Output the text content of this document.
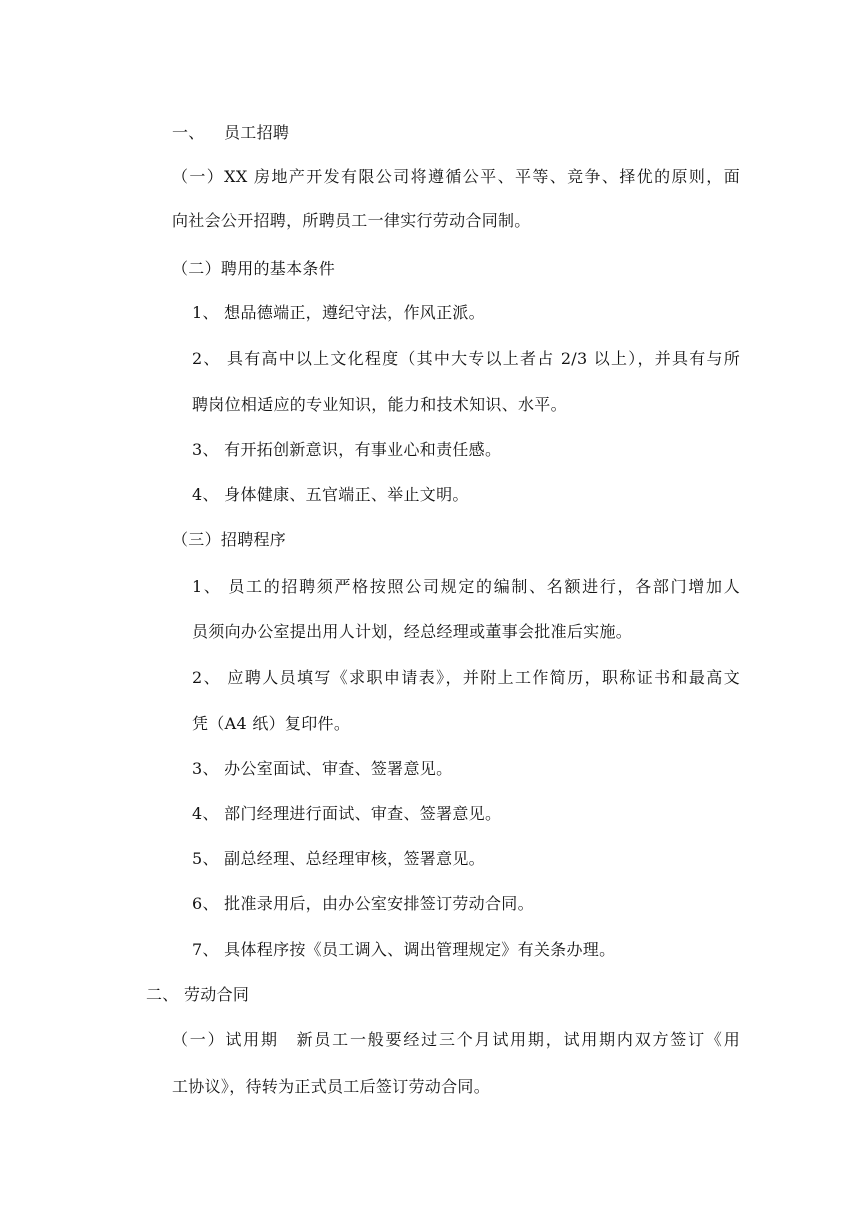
一、 员工招聘
（一）XX 房地产开发有限公司将遵循公平、平等、竞争、择优的原则，面
向社会公开招聘，所聘员工一律实行劳动合同制。
（二）聘用的基本条件
1、 想品德端正，遵纪守法，作风正派。
2、 具有高中以上文化程度（其中大专以上者占 2/3 以上），并具有与所
聘岗位相适应的专业知识，能力和技术知识、水平。
3、 有开拓创新意识，有事业心和责任感。
4、 身体健康、五官端正、举止文明。
（三）招聘程序
1、 员工的招聘须严格按照公司规定的编制、名额进行，各部门增加人
员须向办公室提出用人计划，经总经理或董事会批准后实施。
2、 应聘人员填写《求职申请表》，并附上工作简历，职称证书和最高文
凭（A4 纸）复印件。
3、 办公室面试、审查、签署意见。
4、 部门经理进行面试、审查、签署意见。
5、 副总经理、总经理审核，签署意见。
6、 批准录用后，由办公室安排签订劳动合同。
7、 具体程序按《员工调入、调出管理规定》有关条办理。
二、 劳动合同
（一）试用期　新员工一般要经过三个月试用期，试用期内双方签订《用
工协议》，待转为正式员工后签订劳动合同。
